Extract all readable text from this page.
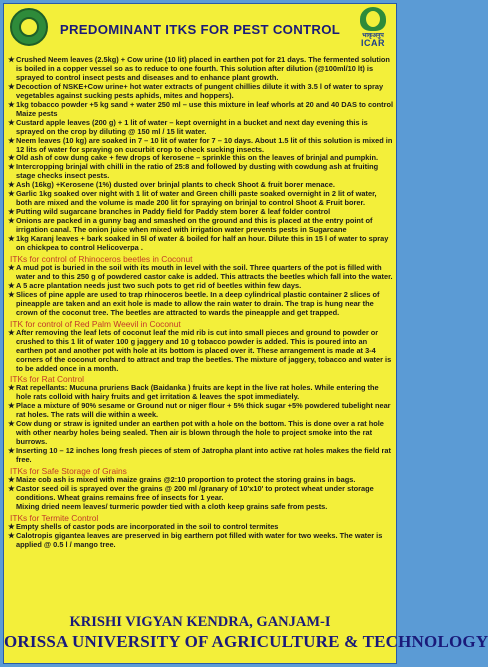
PREDOMINANT ITKS FOR PEST CONTROL	भाकृअनुप
ICAR
★ Crushed Neem leaves (2.5kg) + Cow urine (10 lit) placed in earthen pot for 21 days. The fermented solution is boiled in a copper vessel so as to reduce to one fourth. This solution after dilution (@100ml/10 lt) is sprayed to control insect pests and diseases and to enhance plant growth.
★ Decoction of NSKE+Cow urine+ hot water extracts of pungent chillies dilute it with 3.5 l of water to spray vegetables against sucking pests aphids, mites and hoppers).
★ 1kg tobacco powder +5 kg sand + water 250 ml – use this mixture in leaf whorls at 20 and 40 DAS to control Maize pests
★ Custard apple leaves (200 g) + 1 lit of water – kept overnight in a bucket and next day evening this is sprayed on the crop by diluting @ 150 ml / 15 lit water.
★ Neem leaves (10 kg) are soaked in 7 – 10 lit of water for 7 – 10 days. About 1.5 lit of this solution is mixed in 12 lits of water for spraying on cucurbit crop to check sucking insects.
★ Old ash of cow dung cake + few drops of kerosene – sprinkle this on the leaves of brinjal and pumpkin.
★ Intercropping brinjal with chilli in the ratio of 25:8 and followed by dusting with cowdung ash at fruiting stage checks insect pests.
★ Ash (16kg) +Kerosene (1%) dusted over brinjal plants to check Shoot & fruit borer menace.
★ Garlic 1kg soaked over night with 1 lit of water and Green chilli paste soaked overnight in 2 lit of water, both are mixed and the volume is made 200 lit for spraying on brinjal to control Shoot & Fruit borer.
★ Putting wild sugarcane branches in Paddy field for Paddy stem borer & leaf folder control
★ Onions are packed in a gunny bag and smashed on the ground and this is placed at the entry point of irrigation canal. The onion juice when mixed with irrigation water prevents pests in Sugarcane
★ 1kg Karanj leaves + bark soaked in 5l of water & boiled for half an hour. Dilute this in 15 l of water to spray on chickpea to control Helicoverpa .
ITKs for control of Rhinoceros beetles in Coconut
★ A mud pot is buried in the soil with its mouth in level with the soil. Three quarters of the pot is filled with water and to this 250 g of powdered castor cake is added. This attracts the beetles which fall into the water.
★ A 5 acre plantation needs just two such pots to get rid of beetles within few days.
★ Slices of pine apple are used to trap rhinoceros beetle. In a deep cylindrical plastic container 2 slices of pineapple are taken and an exit hole is made to allow the rain water to drain. The trap is hung near the crown of the coconut tree. The beetles are attracted to wards the pineapple and get trapped.
ITK for control of Red Palm Weevil in Coconut
★ After removing the leaf lets of coconut leaf the mid rib is cut into small pieces and ground to powder or crushed to this 1 lit of water 100 g jaggery and 10 g tobacco powder is added. This is poured into an earthen pot and another pot with hole at its bottom is placed over it. These arrangement is made at 3-4 corners of the coconut orchard to attract and trap the beetles. The mixture of jaggery, tobacco and water is to be added once in a month.
ITKs for Rat Control
★ Rat repellants: Mucuna pruriens Back (Baidanka ) fruits are kept in the live rat holes. While entering the hole rats colloid with hairy fruits and get irritation & leaves the spot immediately.
★ Place a mixture of 90% sesame or Ground nut or niger flour + 5% thick sugar +5% powdered tubelight near rat holes. The rats will die within a week.
★ Cow dung or straw is ignited under an earthen pot with a hole on the bottom. This is done over a rat hole with other nearby holes being sealed. Then air is blown through the hole to project smoke into the rat burrows.
★ Inserting 10 – 12 inches long fresh pieces of stem of Jatropha plant into active rat holes makes the field rat free.
ITKs for Safe Storage of Grains
★ Maize cob ash is mixed with maize grains @2:10 proportion to protect the storing grains in bags.
★ Castor seed oil is sprayed over the grains @ 200 ml /granary of 10'x10' to protect wheat under storage conditions. Wheat grains remains free of insects for 1 year.
Mixing dried neem leaves/ turmeric powder tied with a cloth keep grains safe from pests.
ITKs for Termite Control
★ Empty shells of castor pods are incorporated in the soil to control termites
★ Calotropis gigantea leaves are preserved in big earthern pot filled with water for two weeks. The water is applied @ 0.5 l / mango tree.
KRISHI VIGYAN KENDRA, GANJAM-I
ORISSA UNIVERSITY OF AGRICULTURE & TECHNOLOGY
